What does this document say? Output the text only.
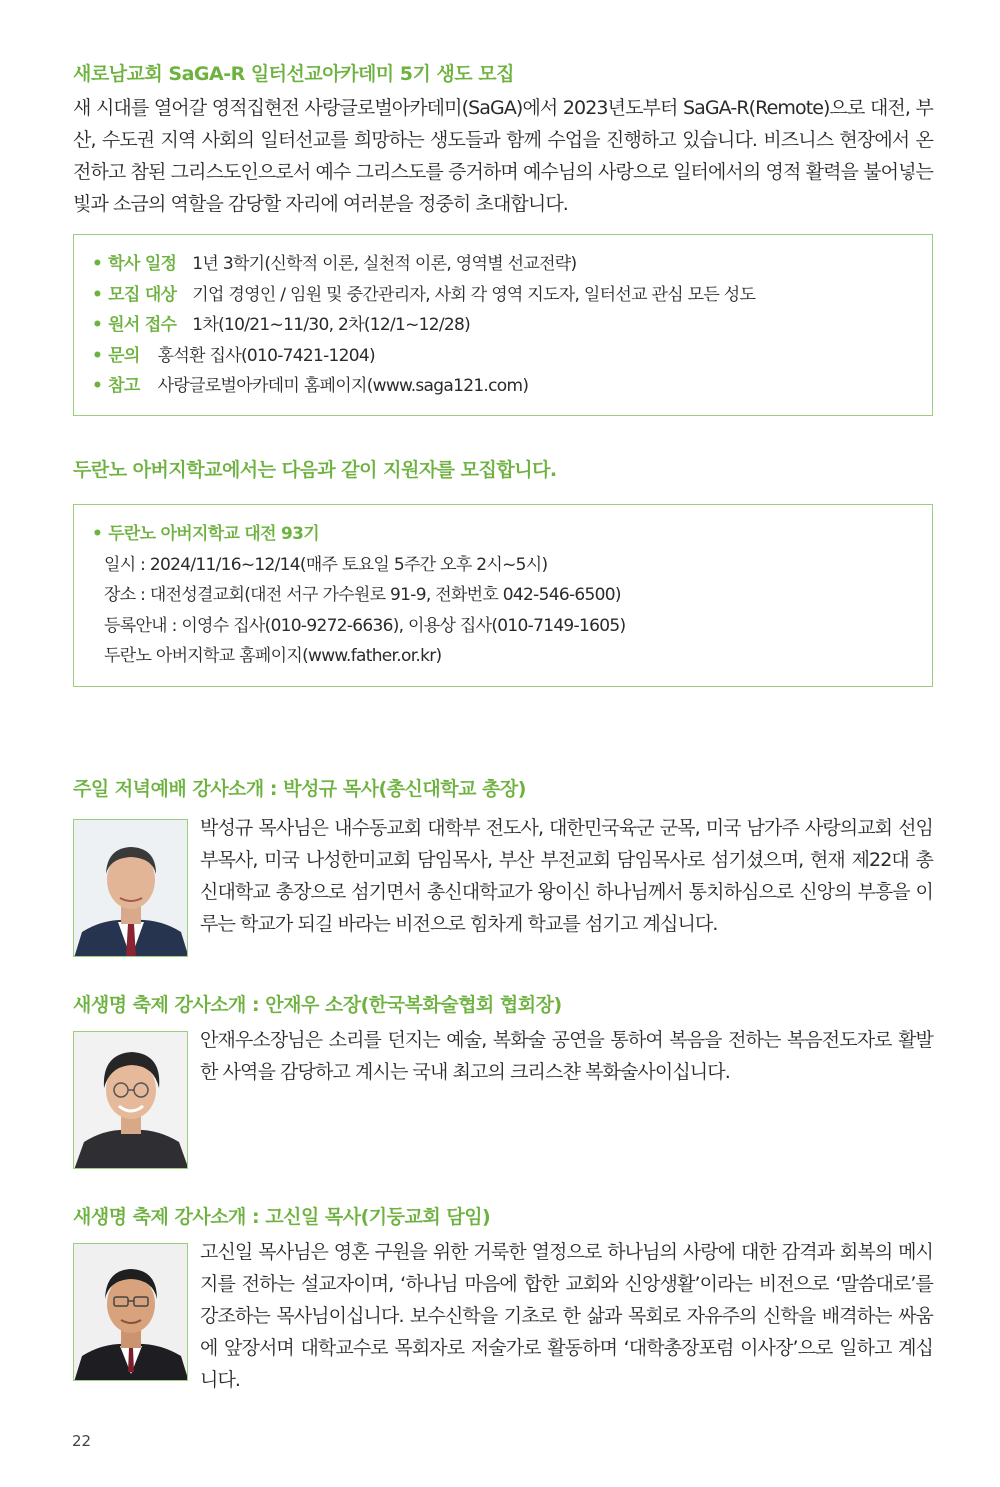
새로남교회 SaGA-R 일터선교아카데미 5기 생도 모집

새 시대를 열어갈 영적집현전 사랑글로벌아카데미(SaGA)에서 2023년도부터 SaGA-R(Remote)으로 대전, 부산, 수도권 지역 사회의 일터선교를 희망하는 생도들과 함께 수업을 진행하고 있습니다. 비즈니스 현장에서 온전하고 참된 그리스도인으로서 예수 그리스도를 증거하며 예수님의 사랑으로 일터에서의 영적 활력을 불어넣는 빛과 소금의 역할을 감당할 자리에 여러분을 정중히 초대합니다.

• 학사 일정 1년 3학기(신학적 이론, 실천적 이론, 영역별 선교전략)
• 모집 대상 기업 경영인 / 임원 및 중간관리자, 사회 각 영역 지도자, 일터선교 관심 모든 성도
• 원서 접수 1차(10/21~11/30, 2차(12/1~12/28)
• 문의 홍석환 집사(010-7421-1204)
• 참고 사랑글로벌아카데미 홈페이지(www.saga121.com)
두란노 아버지학교에서는 다음과 같이 지원자를 모집합니다.
• 두란노 아버지학교 대전 93기
일시 : 2024/11/16~12/14(매주 토요일 5주간 오후 2시~5시)
장소 : 대전성결교회(대전 서구 가수원로 91-9, 전화번호 042-546-6500)
등록안내 : 이영수 집사(010-9272-6636), 이용상 집사(010-7149-1605)
두란노 아버지학교 홈페이지(www.father.or.kr)
주일 저녁예배 강사소개 : 박성규 목사(총신대학교 총장)

박성규 목사님은 내수동교회 대학부 전도사, 대한민국육군 군목, 미국 남가주 사랑의교회 선임 부목사, 미국 나성한미교회 담임목사, 부산 부전교회 담임목사로 섬기셨으며, 현재 제22대 총신대학교 총장으로 섬기면서 총신대학교가 왕이신 하나님께서 통치하심으로 신앙의 부흥을 이루는 학교가 되길 바라는 비전으로 힘차게 학교를 섬기고 계십니다.

새생명 축제 강사소개 : 안재우 소장(한국복화술협회 협회장)

안재우소장님은 소리를 던지는 예술, 복화술 공연을 통하여 복음을 전하는 복음전도자로 활발한 사역을 감당하고 계시는 국내 최고의 크리스챤 복화술사이십니다.

새생명 축제 강사소개 : 고신일 목사(기둥교회 담임)

고신일 목사님은 영혼 구원을 위한 거룩한 열정으로 하나님의 사랑에 대한 감격과 회복의 메시지를 전하는 설교자이며, ‘하나님 마음에 합한 교회와 신앙생활’이라는 비전으로 ‘말씀대로’를 강조하는 목사님이십니다. 보수신학을 기초로 한 삶과 목회로 자유주의 신학을 배격하는 싸움에 앞장서며 대학교수로 목회자로 저술가로 활동하며 ‘대학총장포럼 이사장’으로 일하고 계십니다.

22
